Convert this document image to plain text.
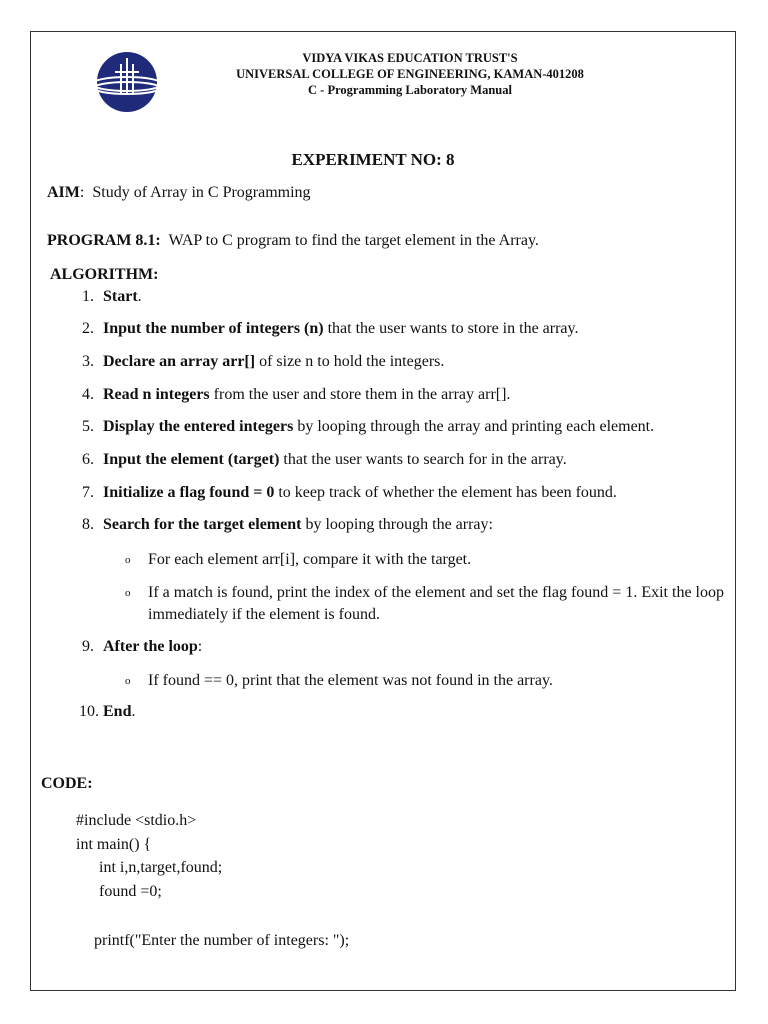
VIDYA VIKAS EDUCATION TRUST'S
UNIVERSAL COLLEGE OF ENGINEERING, KAMAN-401208
C - Programming Laboratory Manual
EXPERIMENT NO: 8
AIM:  Study of Array in C Programming
PROGRAM 8.1: WAP to C program to find the target element in the Array.
ALGORITHM:
1. Start.
2. Input the number of integers (n) that the user wants to store in the array.
3. Declare an array arr[] of size n to hold the integers.
4. Read n integers from the user and store them in the array arr[].
5. Display the entered integers by looping through the array and printing each element.
6. Input the element (target) that the user wants to search for in the array.
7. Initialize a flag found = 0 to keep track of whether the element has been found.
8. Search for the target element by looping through the array:
o For each element arr[i], compare it with the target.
o If a match is found, print the index of the element and set the flag found = 1. Exit the loop immediately if the element is found.
9. After the loop:
o If found == 0, print that the element was not found in the array.
10. End.
CODE:
#include <stdio.h>
int main() {
int i,n,target,found;
found =0;
printf("Enter the number of integers: ");
